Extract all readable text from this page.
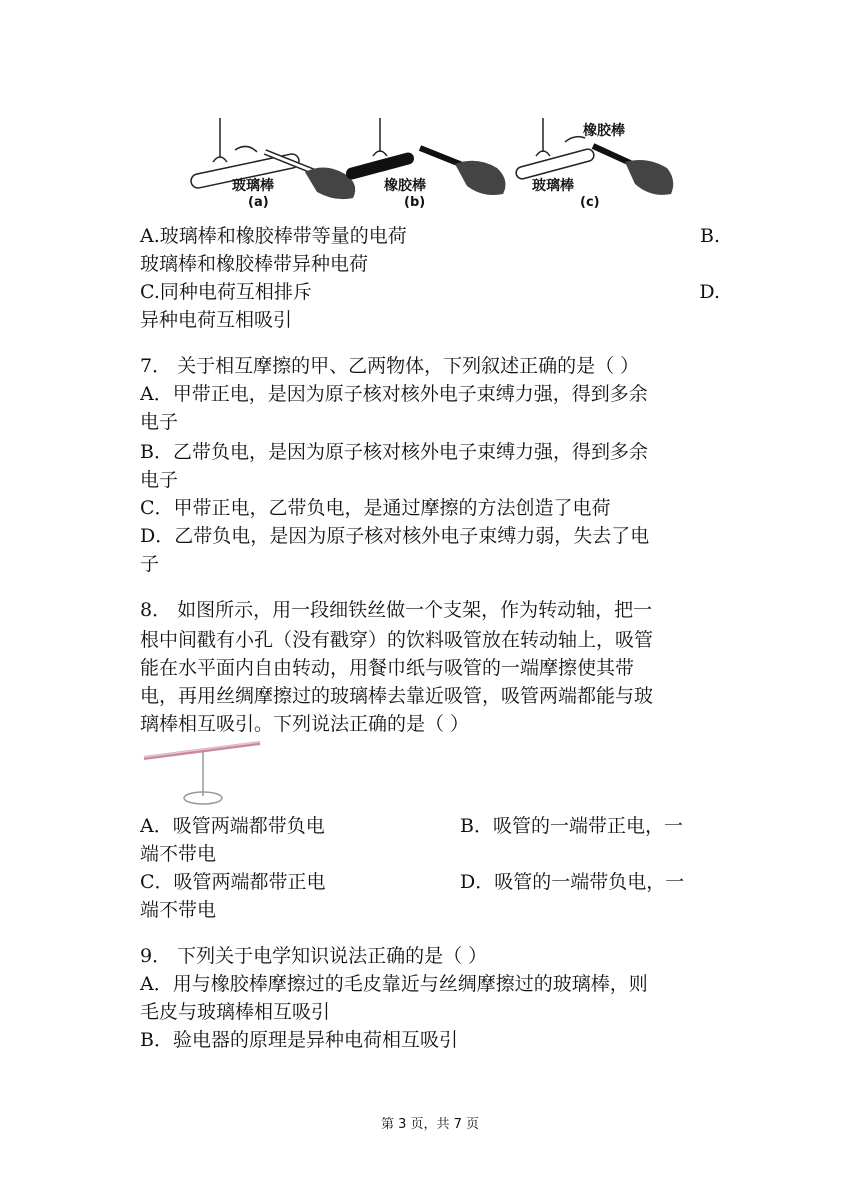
玻璃棒
(a)
橡胶棒
(b)
橡胶棒
玻璃棒
(c)
A.玻璃棒和橡胶棒带等量的电荷	B.
玻璃棒和橡胶棒带异种电荷
C.同种电荷互相排斥	D.
异种电荷互相吸引
7． 关于相互摩擦的甲、乙两物体，下列叙述正确的是（ ）
A．甲带正电，是因为原子核对核外电子束缚力强，得到多余
电子
B．乙带负电，是因为原子核对核外电子束缚力强，得到多余
电子
C．甲带正电，乙带负电，是通过摩擦的方法创造了电荷
D．乙带负电，是因为原子核对核外电子束缚力弱，失去了电
子
8． 如图所示，用一段细铁丝做一个支架，作为转动轴，把一
根中间戳有小孔（没有戳穿）的饮料吸管放在转动轴上，吸管
能在水平面内自由转动，用餐巾纸与吸管的一端摩擦使其带
电，再用丝绸摩擦过的玻璃棒去靠近吸管，吸管两端都能与玻
璃棒相互吸引。下列说法正确的是（ ）
A．吸管两端都带负电	B．吸管的一端带正电，一
端不带电
C．吸管两端都带正电	D．吸管的一端带负电，一
端不带电
9． 下列关于电学知识说法正确的是（ ）
A．用与橡胶棒摩擦过的毛皮靠近与丝绸摩擦过的玻璃棒，则
毛皮与玻璃棒相互吸引
B．验电器的原理是异种电荷相互吸引
第 3 页，共 7 页
